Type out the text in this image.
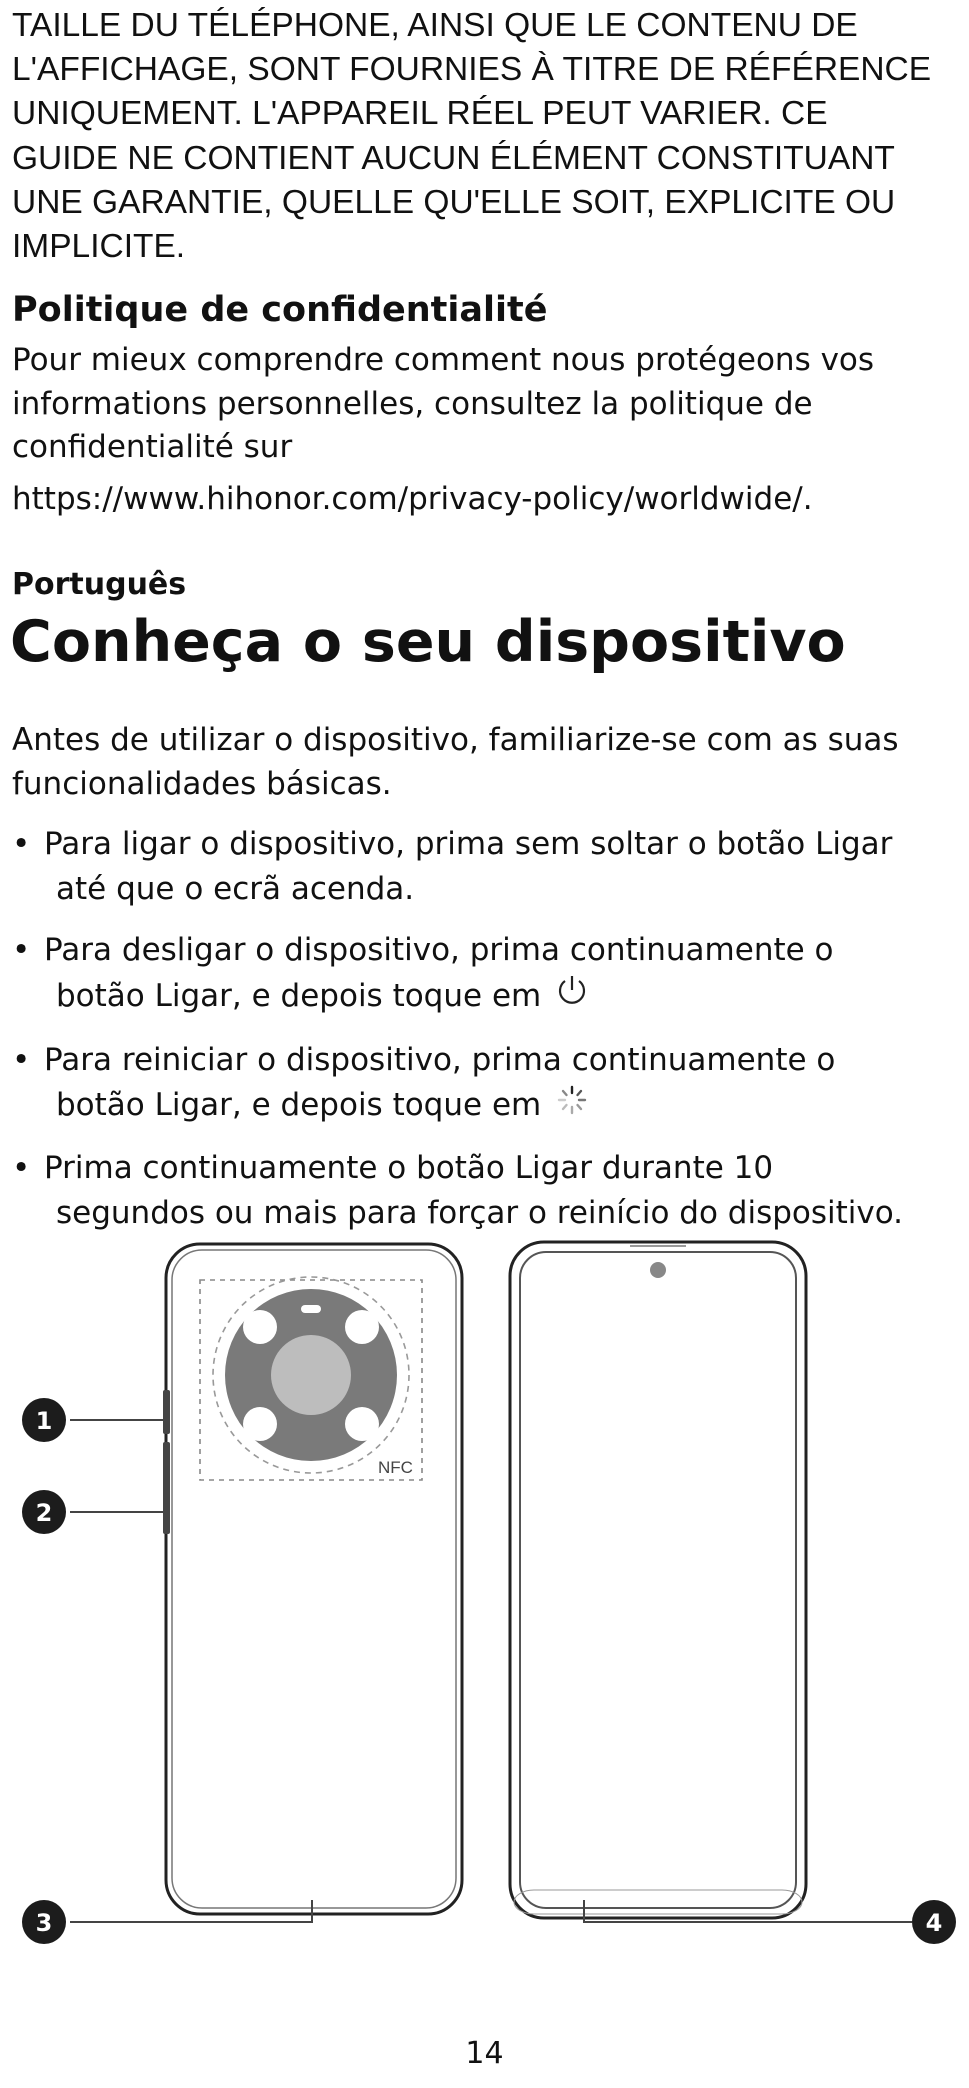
TAILLE DU TÉLÉPHONE, AINSI QUE LE CONTENU DE
L'AFFICHAGE, SONT FOURNIES À TITRE DE RÉFÉRENCE
UNIQUEMENT. L'APPAREIL RÉEL PEUT VARIER. CE
GUIDE NE CONTIENT AUCUN ÉLÉMENT CONSTITUANT
UNE GARANTIE, QUELLE QU'ELLE SOIT, EXPLICITE OU
IMPLICITE.
Politique de confidentialité
Pour mieux comprendre comment nous protégeons vos
informations personnelles, consultez la politique de
confidentialité sur
https://www.hihonor.com/privacy-policy/worldwide/.
Português
Conheça o seu dispositivo
Antes de utilizar o dispositivo, familiarize-se com as suas
funcionalidades básicas.
• Para ligar o dispositivo, prima sem soltar o botão Ligar
até que o ecrã acenda.
• Para desligar o dispositivo, prima continuamente o
botão Ligar, e depois toque em
• Para reiniciar o dispositivo, prima continuamente o
botão Ligar, e depois toque em
• Prima continuamente o botão Ligar durante 10
segundos ou mais para forçar o reinício do dispositivo.
NFC
1
2
3	4
14
